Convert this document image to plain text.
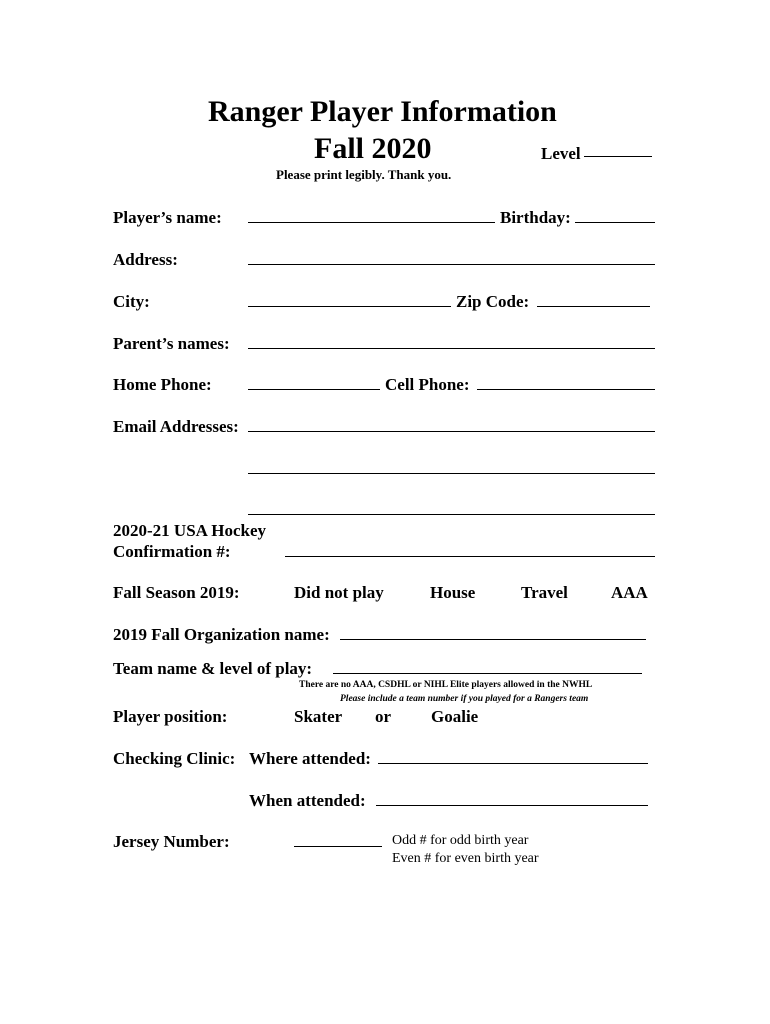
Ranger Player Information
Fall 2020	Level
Please print legibly. Thank you.
Player’s name:	Birthday:
Address:
City:	Zip Code:
Parent’s names:
Home Phone:	Cell Phone:
Email Addresses:
2020-21 USA Hockey
Confirmation #:
Fall Season 2019:	Did not play	House	Travel	AAA
2019 Fall Organization name:
Team name & level of play:
There are no AAA, CSDHL or NIHL Elite players allowed in the NWHL
Please include a team number if you played for a Rangers team
Player position:	Skater or Goalie
Checking Clinic: Where attended:
When attended:
Jersey Number:	Odd # for odd birth year
Even # for even birth year
